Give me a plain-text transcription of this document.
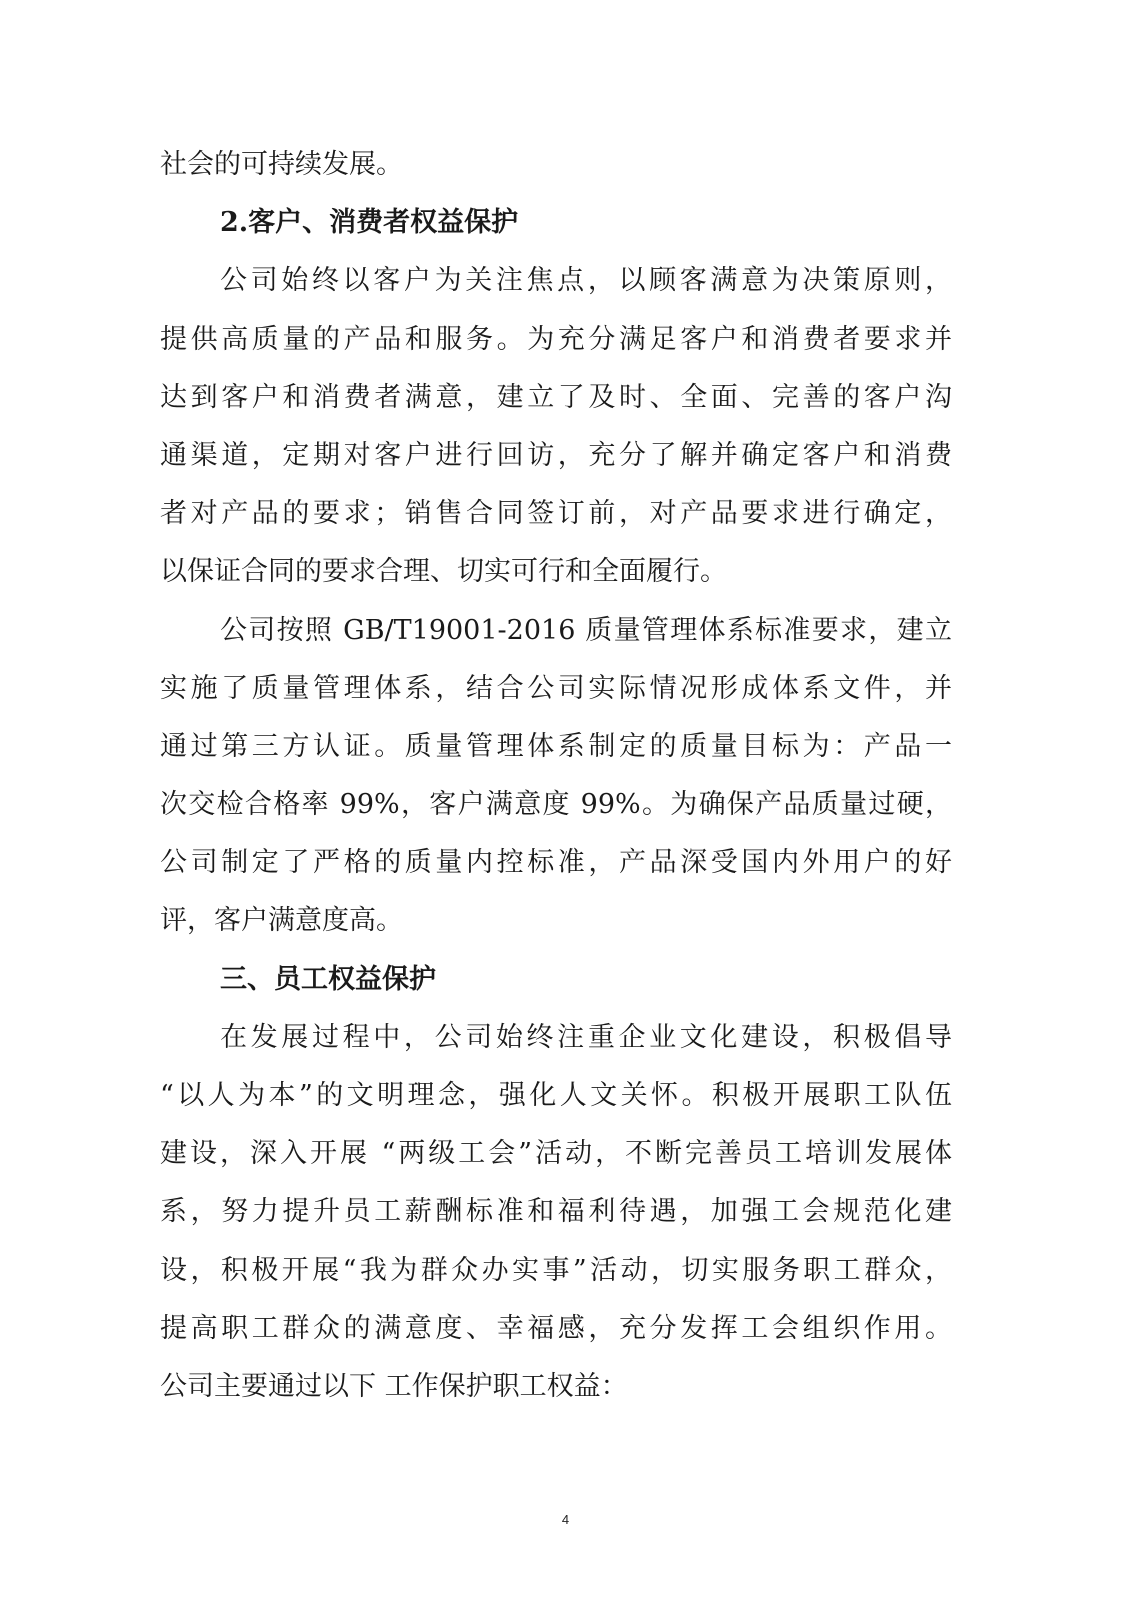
社会的可持续发展。
2.客户、消费者权益保护
公司始终以客户为关注焦点，以顾客满意为决策原则，
提供高质量的产品和服务。为充分满足客户和消费者要求并
达到客户和消费者满意，建立了及时、全面、完善的客户沟
通渠道，定期对客户进行回访，充分了解并确定客户和消费
者对产品的要求；销售合同签订前，对产品要求进行确定，
以保证合同的要求合理、切实可行和全面履行。
公司按照 GB/T19001-2016 质量管理体系标准要求，建立
实施了质量管理体系，结合公司实际情况形成体系文件，并
通过第三方认证。质量管理体系制定的质量目标为：产品一
次交检合格率 99%，客户满意度 99%。为确保产品质量过硬，
公司制定了严格的质量内控标准，产品深受国内外用户的好
评，客户满意度高。
三、员工权益保护
在发展过程中，公司始终注重企业文化建设，积极倡导
“以人为本”的文明理念，强化人文关怀。积极开展职工队伍
建设，深入开展 “两级工会”活动，不断完善员工培训发展体
系，努力提升员工薪酬标准和福利待遇，加强工会规范化建
设，积极开展“我为群众办实事”活动，切实服务职工群众，
提高职工群众的满意度、幸福感，充分发挥工会组织作用。
公司主要通过以下 工作保护职工权益：
4
